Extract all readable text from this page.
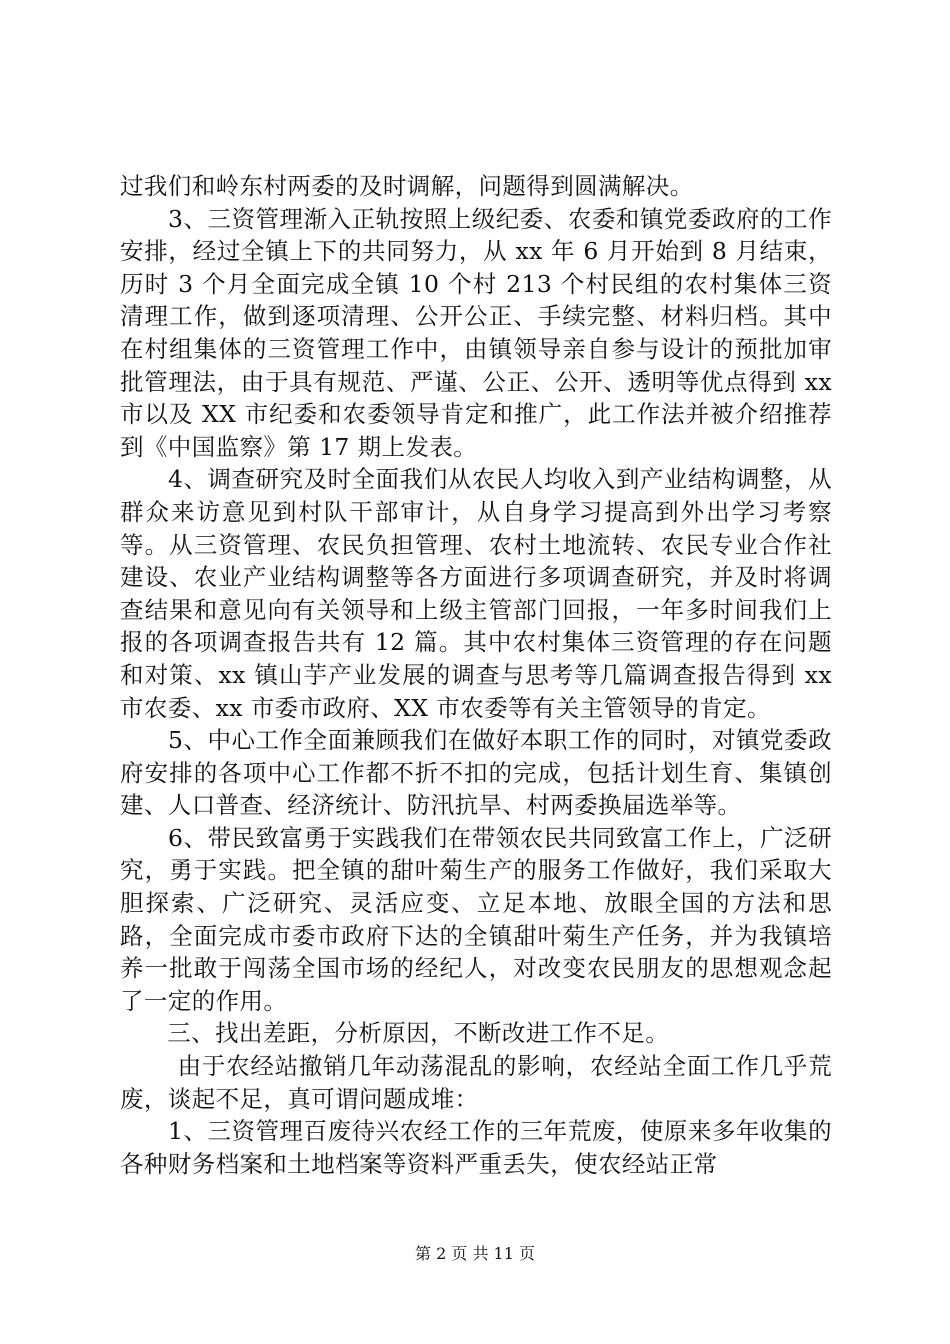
过我们和岭东村两委的及时调解，问题得到圆满解决。

3、三资管理渐入正轨按照上级纪委、农委和镇党委政府的工作安排，经过全镇上下的共同努力，从 xx 年 6 月开始到 8 月结束，历时 3 个月全面完成全镇 10 个村 213 个村民组的农村集体三资清理工作，做到逐项清理、公开公正、手续完整、材料归档。其中在村组集体的三资管理工作中，由镇领导亲自参与设计的预批加审批管理法，由于具有规范、严谨、公正、公开、透明等优点得到 xx 市以及 XX 市纪委和农委领导肯定和推广，此工作法并被介绍推荐到《中国监察》第 17 期上发表。

4、调查研究及时全面我们从农民人均收入到产业结构调整，从群众来访意见到村队干部审计，从自身学习提高到外出学习考察等。从三资管理、农民负担管理、农村土地流转、农民专业合作社建设、农业产业结构调整等各方面进行多项调查研究，并及时将调查结果和意见向有关领导和上级主管部门回报，一年多时间我们上报的各项调查报告共有 12 篇。其中农村集体三资管理的存在问题和对策、xx 镇山芋产业发展的调查与思考等几篇调查报告得到 xx 市农委、xx 市委市政府、XX 市农委等有关主管领导的肯定。

5、中心工作全面兼顾我们在做好本职工作的同时，对镇党委政府安排的各项中心工作都不折不扣的完成，包括计划生育、集镇创建、人口普查、经济统计、防汛抗旱、村两委换届选举等。

6、带民致富勇于实践我们在带领农民共同致富工作上，广泛研究，勇于实践。把全镇的甜叶菊生产的服务工作做好，我们采取大胆探索、广泛研究、灵活应变、立足本地、放眼全国的方法和思路，全面完成市委市政府下达的全镇甜叶菊生产任务，并为我镇培养一批敢于闯荡全国市场的经纪人，对改变农民朋友的思想观念起了一定的作用。

三、找出差距，分析原因，不断改进工作不足。

由于农经站撤销几年动荡混乱的影响，农经站全面工作几乎荒废，谈起不足，真可谓问题成堆：

1、三资管理百废待兴农经工作的三年荒废，使原来多年收集的各种财务档案和土地档案等资料严重丢失，使农经站正常

第 2 页 共 11 页
